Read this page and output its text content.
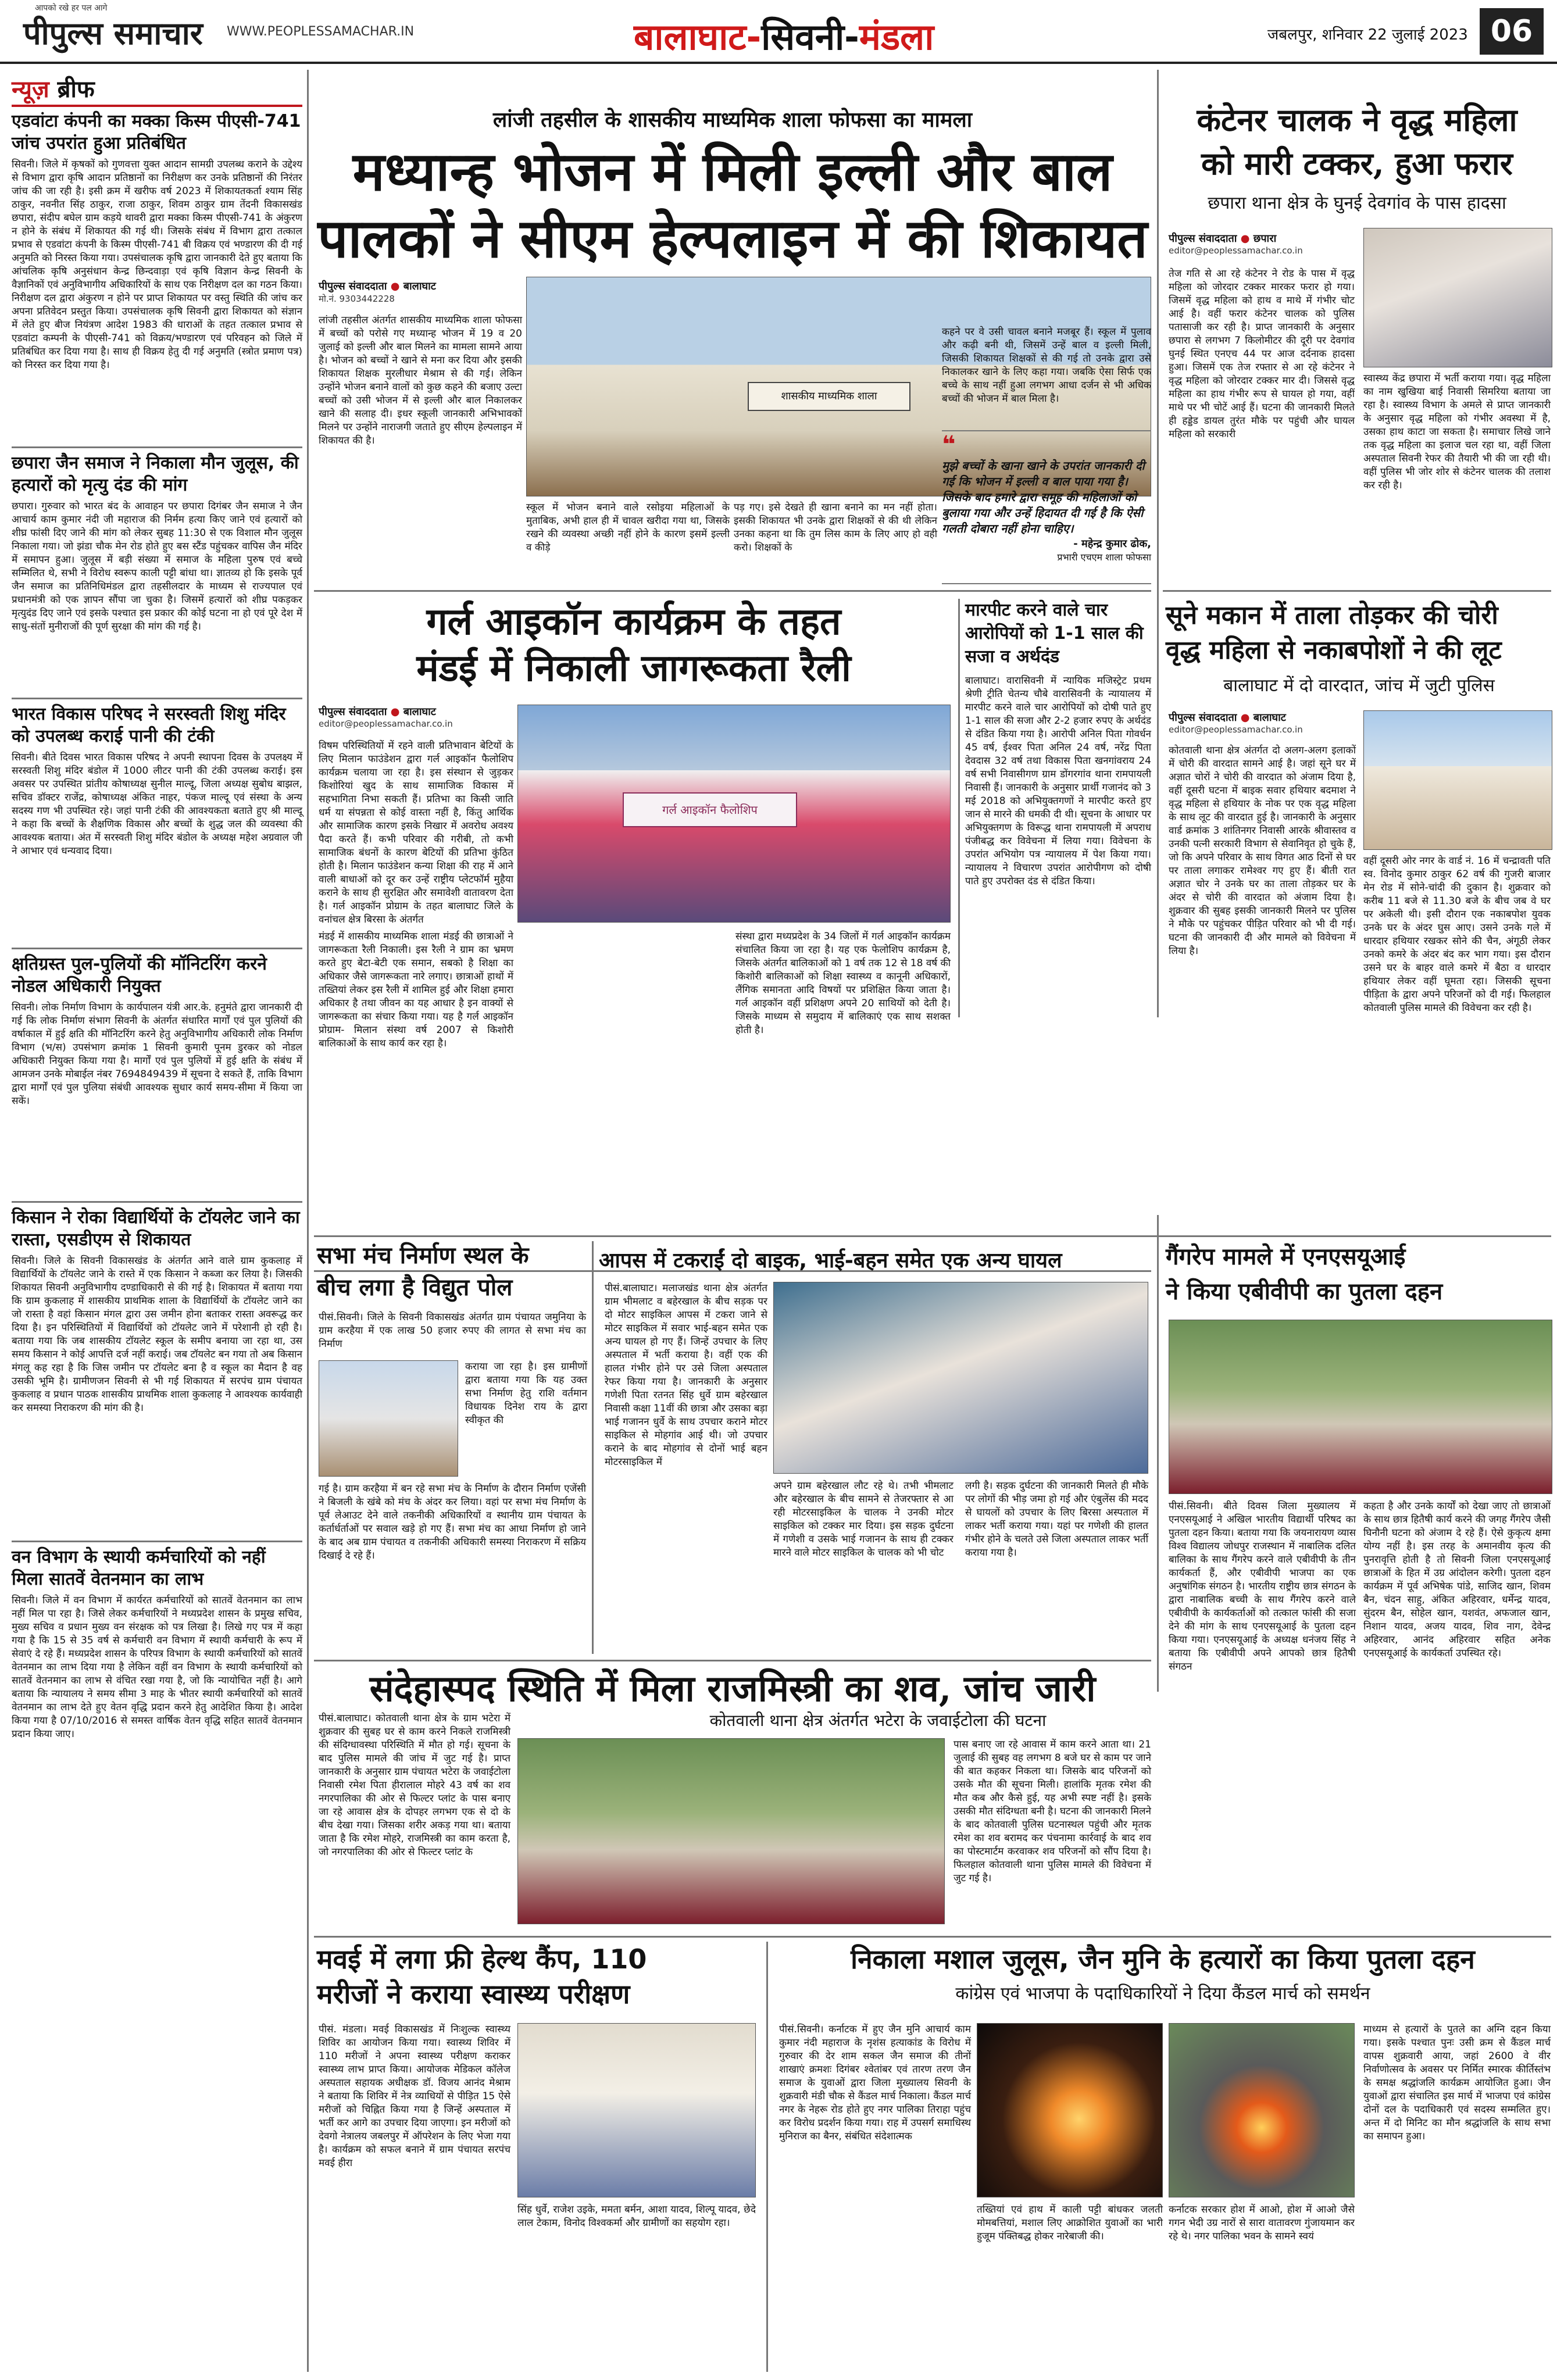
आपको रखे हर पल आगे
पीपुल्स समाचार WWW.PEOPLESSAMACHAR.IN	बालाघाट-सिवनी-मंडला	जबलपुर, शनिवार 22 जुलाई 2023 06
न्यूज़ ब्रीफ
एडवांटा कंपनी का मक्का किस्म पीएसी-741 जांच उपरांत हुआ प्रतिबंधित

सिवनी। जिले में कृषकों को गुणवत्ता युक्त आदान सामग्री उपलब्ध कराने के उद्देश्य से विभाग द्वारा कृषि आदान प्रतिष्ठानों का निरीक्षण कर उनके प्रतिष्ठानों की निरंतर जांच की जा रही है। इसी क्रम में खरीफ वर्ष 2023 में शिकायतकर्ता श्याम सिंह ठाकुर, नवनीत सिंह ठाकुर, राजा ठाकुर, शिवम ठाकुर ग्राम तेंदनी विकासखंड छपारा, संदीप बघेल ग्राम कड़ये थावरी द्वारा मक्का किस्म पीएसी-741 के अंकुरण न होने के संबंध में शिकायत की गई थी। जिसके संबंध में विभाग द्वारा तत्काल प्रभाव से एडवांटा कंपनी के किस्म पीएसी-741 बी विक्रय एवं भण्डारण की दी गई अनुमति को निरस्त किया गया। उपसंचालक कृषि द्वारा जानकारी देते हुए बताया कि आंचलिक कृषि अनुसंधान केन्द्र छिन्दवाड़ा एवं कृषि विज्ञान केन्द्र सिवनी के वैज्ञानिकों एवं अनुविभागीय अधिकारियों के साथ एक निरीक्षण दल का गठन किया। निरीक्षण दल द्वारा अंकुरण न होने पर प्राप्त शिकायत पर वस्तु स्थिति की जांच कर अपना प्रतिवेदन प्रस्तुत किया। उपसंचालक कृषि सिवनी द्वारा शिकायत को संज्ञान में लेते हुए बीज नियंत्रण आदेश 1983 की धाराओं के तहत तत्काल प्रभाव से एडवांटा कम्पनी के पीएसी-741 को विक्रय/भण्डारण एवं परिवहन को जिले में प्रतिबंधित कर दिया गया है। साथ ही विक्रय हेतु दी गई अनुमति (स्त्रोत प्रमाण पत्र) को निरस्त कर दिया गया है।

छपारा जैन समाज ने निकाला मौन जुलूस, की हत्यारों को मृत्यु दंड की मांग

छपारा। गुरुवार को भारत बंद के आवाहन पर छपारा दिगंबर जैन समाज ने जैन आचार्य काम कुमार नंदी जी महाराज की निर्मम हत्या किए जाने एवं हत्यारों को शीघ्र फांसी दिए जाने की मांग को लेकर सुबह 11:30 से एक विशाल मौन जुलूस निकाला गया। जो झंडा चौक मेन रोड होते हुए बस स्टैंड पहुंचकर वापिस जैन मंदिर में समापन हुआ। जुलूस में बड़ी संख्या में समाज के महिला पुरुष एवं बच्चे सम्मिलित थे, सभी ने विरोध स्वरूप काली पट्टी बांधा था। ज्ञातव्य हो कि इसके पूर्व जैन समाज का प्रतिनिधिमंडल द्वारा तहसीलदार के माध्यम से राज्यपाल एवं प्रधानमंत्री को एक ज्ञापन सौंपा जा चुका है। जिसमें हत्यारों को शीघ्र पकड़कर मृत्युदंड दिए जाने एवं इसके पश्चात इस प्रकार की कोई घटना ना हो एवं पूरे देश में साधु-संतों मुनीराजों की पूर्ण सुरक्षा की मांग की गई है।

भारत विकास परिषद ने सरस्वती शिशु मंदिर को उपलब्ध कराई पानी की टंकी

सिवनी। बीते दिवस भारत विकास परिषद ने अपनी स्थापना दिवस के उपलक्ष्य में सरस्वती शिशु मंदिर बंडोल में 1000 लीटर पानी की टंकी उपलब्ध कराई। इस अवसर पर उपस्थित प्रांतीय कोषाध्यक्ष सुनील माल्दू, जिला अध्यक्ष सुबोध बाझल, सचिव डॉक्टर राजेंद्र, कोषाध्यक्ष अंकित नाहर, पंकज माल्दू एवं संस्था के अन्य सदस्य गण भी उपस्थित रहे। जहां पानी टंकी की आवश्यकता बताते हुए श्री माल्दू ने कहा कि बच्चों के शैक्षणिक विकास और बच्चों के शुद्ध जल की व्यवस्था की आवश्यक बताया। अंत में सरस्वती शिशु मंदिर बंडोल के अध्यक्ष महेश अग्रवाल जी ने आभार एवं धन्यवाद दिया।

क्षतिग्रस्त पुल-पुलियों की मॉनिटरिंग करने नोडल अधिकारी नियुक्त

सिवनी। लोक निर्माण विभाग के कार्यपालन यंत्री आर.के. हनुमंते द्वारा जानकारी दी गई कि लोक निर्माण संभाग सिवनी के अंतर्गत संधारित मार्गों एवं पुल पुलियों की वर्षाकाल में हुई क्षति की मॉनिटरिंग करने हेतु अनुविभागीय अधिकारी लोक निर्माण विभाग (भ/स) उपसंभाग क्रमांक 1 सिवनी कुमारी पूनम डुरकर को नोडल अधिकारी नियुक्त किया गया है। मार्गों एवं पुल पुलियों में हुई क्षति के संबंध में आमजन उनके मोबाईल नंबर 7694849439 में सूचना दे सकते हैं, ताकि विभाग द्वारा मार्गों एवं पुल पुलिया संबंधी आवश्यक सुधार कार्य समय-सीमा में किया जा सकें।

किसान ने रोका विद्यार्थियों के टॉयलेट जाने का रास्ता, एसडीएम से शिकायत

सिवनी। जिले के सिवनी विकासखंड के अंतर्गत आने वाले ग्राम कुकलाह में विद्यार्थियों के टॉयलेट जाने के रास्ते में एक किसान ने कब्जा कर लिया है। जिसकी शिकायत सिवनी अनुविभागीय दण्डाधिकारी से की गई है। शिकायत में बताया गया कि ग्राम कुकलाह में शासकीय प्राथमिक शाला के विद्यार्थियों के टॉयलेट जाने का जो रास्ता है वहां किसान मंगल द्वारा उस जमीन होना बताकर रास्ता अवरूद्ध कर दिया है। इन परिस्थितियों में विद्यार्थियों को टॉयलेट जाने में परेशानी हो रही है। बताया गया कि जब शासकीय टॉयलेट स्कूल के समीप बनाया जा रहा था, उस समय किसान ने कोई आपत्ति दर्ज नहीं कराई। जब टॉयलेट बन गया तो अब किसान मंगलू कह रहा है कि जिस जमीन पर टॉयलेट बना है व स्कूल का मैदान है वह उसकी भूमि है। ग्रामीणजन सिवनी से भी गई शिकायत में सरपंच ग्राम पंचायत कुकलाह व प्रधान पाठक शासकीय प्राथमिक शाला कुकलाह ने आवश्यक कार्यवाही कर समस्या निराकरण की मांग की है।

वन विभाग के स्थायी कर्मचारियों को नहीं मिला सातवें वेतनमान का लाभ

सिवनी। जिले में वन विभाग में कार्यरत कर्मचारियों को सातवें वेतनमान का लाभ नहीं मिल पा रहा है। जिसे लेकर कर्मचारियों ने मध्यप्रदेश शासन के प्रमुख सचिव, मुख्य सचिव व प्रधान मुख्य वन संरक्षक को पत्र लिखा है। लिखे गए पत्र में कहा गया है कि 15 से 35 वर्ष से कर्मचारी वन विभाग में स्थायी कर्मचारी के रूप में सेवाएं दे रहे हैं। मध्यप्रदेश शासन के परिपत्र विभाग के स्थायी कर्मचारियों को सातवें वेतनमान का लाभ दिया गया है लेकिन वहीं वन विभाग के स्थायी कर्मचारियों को सातवें वेतनमान का लाभ से वंचित रखा गया है, जो कि न्यायोचित नहीं है। आगे बताया कि न्यायालय ने समय सीमा 3 माह के भीतर स्थायी कर्मचारियों को सातवें वेतनमान का लाभ देते हुए वेतन वृद्धि प्रदान करने हेतु आदेशित किया है। आदेश किया गया है 07/10/2016 से समस्त वार्षिक वेतन वृद्धि सहित सातवें वेतनमान प्रदान किया जाए।

लांजी तहसील के शासकीय माध्यमिक शाला फोफसा का मामला
मध्यान्ह भोजन में मिली इल्ली और बाल
पालकों ने सीएम हेल्पलाइन में की शिकायत
पीपुल्स संवाददाता ● बालाघाट
मो.नं. 9303442228
शासकीय माध्यमिक शाला

लांजी तहसील अंतर्गत शासकीय माध्यमिक शाला फोफसा में बच्चों को परोसे गए मध्यान्ह भोजन में 19 व 20 जुलाई को इल्ली और बाल मिलने का मामला सामने आया है। भोजन को बच्चों ने खाने से मना कर दिया और इसकी शिकायत शिक्षक मुरलीधार मेश्राम से की गई। लेकिन उन्होंने भोजन बनाने वालों को कुछ कहने की बजाए उल्टा बच्चों को उसी भोजन में से इल्ली और बाल निकालकर खाने की सलाह दी। इधर स्कूली जानकारी अभिभावकों मिलने पर उन्होंने नाराजगी जताते हुए सीएम हेल्पलाइन में शिकायत की है।

स्कूल में भोजन बनाने वाले रसोइया महिलाओं के मुताबिक, अभी हाल ही में चावल खरीदा गया था, जिसके रखने की व्यवस्था अच्छी नहीं होने के कारण इसमें इल्ली व कीड़े

पड़ गए। इसे देखते ही खाना बनाने का मन नहीं होता। इसकी शिकायत भी उनके द्वारा शिक्षकों से की थी लेकिन उनका कहना था कि तुम लिस काम के लिए आए हो वही करो। शिक्षकों के

कहने पर वे उसी चावल बनाने मजबूर हैं। स्कूल में पुलाव और कढ़ी बनी थी, जिसमें उन्हें बाल व इल्ली मिली, जिसकी शिकायत शिक्षकों से की गई तो उनके द्वारा उसे निकालकर खाने के लिए कहा गया। जबकि ऐसा सिर्फ एक बच्चे के साथ नहीं हुआ लगभग आधा दर्जन से भी अधिक बच्चों की भोजन में बाल मिला है।

❝

मुझे बच्चों के खाना खाने के उपरांत जानकारी दी गई कि भोजन में इल्ली व बाल पाया गया है। जिसके बाद हमारे द्वारा समूह की महिलाओं को बुलाया गया और उन्हें हिदायत दी गई है कि ऐसी गलती दोबारा नहीं होना चाहिए।

- महेन्द्र कुमार ढोक,
प्रभारी एचएम शाला फोफसा
कंटेनर चालक ने वृद्ध महिला
को मारी टक्कर, हुआ फरार
छपारा थाना क्षेत्र के घुनई देवगांव के पास हादसा
पीपुल्स संवाददाता ● छपारा
editor@peoplessamachar.co.in

तेज गति से आ रहे कंटेनर ने रोड के पास में वृद्ध महिला को जोरदार टक्कर मारकर फरार हो गया। जिसमें वृद्ध महिला को हाथ व माथे में गंभीर चोट आई है। वहीं फरार कंटेनर चालक को पुलिस पतासाजी कर रही है। प्राप्त जानकारी के अनुसार छपारा से लगभग 7 किलोमीटर की दूरी पर देवगांव घुनई स्थित एनएच 44 पर आज दर्दनाक हादसा हुआ। जिसमें एक तेज रफ्तार से आ रहे कंटेनर ने वृद्ध महिला को जोरदार टक्कर मार दी। जिससे वृद्ध महिला का हाथ गंभीर रूप से घायल हो गया, वहीं माथे पर भी चोटें आई हैं। घटना की जानकारी मिलते ही हड्डेड डायल तुरंत मौके पर पहुंची और घायल महिला को सरकारी

स्वास्थ्य केंद्र छपारा में भर्ती कराया गया। वृद्ध महिला का नाम खुखिया बाई निवासी सिमरिया बताया जा रहा है। स्वास्थ्य विभाग के अमले से प्राप्त जानकारी के अनुसार वृद्ध महिला को गंभीर अवस्था में है, उसका हाथ काटा जा सकता है। समाचार लिखे जाने तक वृद्ध महिला का इलाज चल रहा था, वहीं जिला अस्पताल सिवनी रेफर की तैयारी भी की जा रही थी। वहीं पुलिस भी जोर शोर से कंटेनर चालक की तलाश कर रही है।

गर्ल आइकॉन कार्यक्रम के तहत
मंडई में निकाली जागरूकता रैली
पीपुल्स संवाददाता ● बालाघाट
editor@peoplessamachar.co.in
गर्ल आइकॉन फैलोशिप

मंडई में शासकीय माध्यमिक शाला मंडई की छात्राओं ने जागरूकता रैली निकाली। इस रैली ने ग्राम का भ्रमण करते हुए बेटा-बेटी एक समान, सबको है शिक्षा का अधिकार जैसे जागरूकता नारे लगाए। छात्राओं हाथों में तख्तियां लेकर इस रैली में शामिल हुई और शिक्षा हमारा अधिकार है तथा जीवन का यह आधार है इन वाक्यों से जागरूकता का संचार किया गया। यह है गर्ल आइकॉन प्रोग्राम- मिलान संस्था वर्ष 2007 से किशोरी बालिकाओं के साथ कार्य कर रहा है।

विषम परिस्थितियों में रहने वाली प्रतिभावान बेटियों के लिए मिलान फाउंडेशन द्वारा गर्ल आइकॉन फैलोशिप कार्यक्रम चलाया जा रहा है। इस संस्थान से जुड़कर किशोरियां खुद के साथ सामाजिक विकास में सहभागिता निभा सकती हैं। प्रतिभा का किसी जाति धर्म या संपन्नता से कोई वास्ता नहीं है, किंतु आर्थिक और सामाजिक कारण इसके निखार में अवरोध अवश्य पैदा करते हैं। कभी परिवार की गरीबी, तो कभी सामाजिक बंधनों के कारण बेटियों की प्रतिभा कुंठित होती है। मिलान फाउंडेशन कन्या शिक्षा की राह में आने वाली बाधाओं को दूर कर उन्हें राष्ट्रीय प्लेटफॉर्म मुहैया कराने के साथ ही सुरक्षित और समावेशी वातावरण देता है। गर्ल आइकॉन प्रोग्राम के तहत बालाघाट जिले के वनांचल क्षेत्र बिरसा के अंतर्गत

संस्था द्वारा मध्यप्रदेश के 34 जिलों में गर्ल आइकॉन कार्यक्रम संचालित किया जा रहा है। यह एक फेलोशिप कार्यक्रम है, जिसके अंतर्गत बालिकाओं को 1 वर्ष तक 12 से 18 वर्ष की किशोरी बालिकाओं को शिक्षा स्वास्थ्य व कानूनी अधिकारों, लैंगिक समानता आदि विषयों पर प्रशिक्षित किया जाता है। गर्ल आइकॉन वहीं प्रशिक्षण अपने 20 साथियों को देती है। जिसके माध्यम से समुदाय में बालिकाएं एक साथ सशक्त होती है।

मारपीट करने वाले चार आरोपियों को 1-1 साल की सजा व अर्थदंड

बालाघाट। वारासिवनी में न्यायिक मजिस्ट्रेट प्रथम श्रेणी ट्रीति चेतन्य चौबे वारासिवनी के न्यायालय में मारपीट करने वाले चार आरोपियों को दोषी पाते हुए 1-1 साल की सजा और 2-2 हजार रुपए के अर्थदंड से दंडित किया गया है। आरोपी अनिल पिता गोवर्धन 45 वर्ष, ईश्वर पिता अनिल 24 वर्ष, नरेंद्र पिता देवदास 32 वर्ष तथा विकास पिता खनगांवराय 24 वर्ष सभी निवासीगण ग्राम डोंगरगांव थाना रामपायली निवासी हैं। जानकारी के अनुसार प्रार्थी गजानंद को 3 मई 2018 को अभियुक्तगणों ने मारपीट करते हुए जान से मारने की धमकी दी थी। सूचना के आधार पर अभियुक्तगण के विरूद्ध थाना रामपायली में अपराध पंजीबद्ध कर विवेचना में लिया गया। विवेचना के उपरांत अभियोग पत्र न्यायालय में पेश किया गया। न्यायालय ने विचारण उपरांत आरोपीगण को दोषी पाते हुए उपरोक्त दंड से दंडित किया।

सूने मकान में ताला तोड़कर की चोरी
वृद्ध महिला से नकाबपोशों ने की लूट
बालाघाट में दो वारदात, जांच में जुटी पुलिस
पीपुल्स संवाददाता ● बालाघाट
editor@peoplessamachar.co.in

कोतवाली थाना क्षेत्र अंतर्गत दो अलग-अलग इलाकों में चोरी की वारदात सामने आई है। जहां सूने घर में अज्ञात चोरों ने चोरी की वारदात को अंजाम दिया है, वहीं दूसरी घटना में बाइक सवार हथियार बदमाश ने वृद्ध महिला से हथियार के नोक पर एक वृद्ध महिला के साथ लूट की वारदात हुई है। जानकारी के अनुसार वार्ड क्रमांक 3 शांतिनगर निवासी आरके श्रीवास्तव व उनकी पत्नी सरकारी विभाग से सेवानिवृत हो चुके हैं, जो कि अपने परिवार के साथ विगत आठ दिनों से घर पर ताला लगाकर रामेश्वर गए हुए हैं। बीती रात अज्ञात चोर ने उनके घर का ताला तोड़कर घर के अंदर से चोरी की वारदात को अंजाम दिया है। शुक्रवार की सुबह इसकी जानकारी मिलने पर पुलिस ने मौके पर पहुंचकर पीड़ित परिवार को भी दी गई। घटना की जानकारी दी और मामले को विवेचना में लिया है।

वहीं दूसरी ओर नगर के वार्ड नं. 16 में चन्द्रावती पति स्व. विनोद कुमार ठाकुर 62 वर्ष की गुजरी बाजार मेन रोड में सोने-चांदी की दुकान है। शुक्रवार को करीब 11 बजे से 11.30 बजे के बीच जब वे घर पर अकेली थी। इसी दौरान एक नकाबपोश युवक उनके घर के अंदर घुस आए। उसने उनके गले में धारदार हथियार रखकर सोने की चैन, अंगूठी लेकर उनको कमरे के अंदर बंद कर भाग गया। इस दौरान उसने घर के बाहर वाले कमरे में बैठा व धारदार हथियार लेकर वहीं घूमता रहा। जिसकी सूचना पीड़िता के द्वारा अपने परिजनों को दी गई। फिलहाल कोतवाली पुलिस मामले की विवेचना कर रही है।

सभा मंच निर्माण स्थल के
बीच लगा है विद्युत पोल

पीसं.सिवनी। जिले के सिवनी विकासखंड अंतर्गत ग्राम पंचायत जमुनिया के ग्राम करहैया में एक लाख 50 हजार रुपए की लागत से सभा मंच का निर्माण

कराया जा रहा है। इस ग्रामीणों द्वारा बताया गया कि यह उक्त सभा निर्माण हेतु राशि वर्तमान विधायक दिनेश राय के द्वारा स्वीकृत की

गई है। ग्राम करहैया में बन रहे सभा मंच के निर्माण के दौरान निर्माण एजेंसी ने बिजली के खंबे को मंच के अंदर कर लिया। वहां पर सभा मंच निर्माण के पूर्व लेआउट देने वाले तकनीकी अधिकारियों व स्थानीय ग्राम पंचायत के कर्तार्धर्ताओं पर सवाल खड़े हो गए हैं। सभा मंच का आधा निर्माण हो जाने के बाद अब ग्राम पंचायत व तकनीकी अधिकारी समस्या निराकरण में सक्रिय दिखाई दे रहे हैं।

आपस में टकराईं दो बाइक, भाई-बहन समेत एक अन्य घायल

पीसं.बालाघाट। मलाजखंड थाना क्षेत्र अंतर्गत ग्राम भीमलाट व बहेरखाल के बीच सड़क पर दो मोटर साइकिल आपस में टकरा जाने से मोटर साइकिल में सवार भाई-बहन समेत एक अन्य घायल हो गए हैं। जिन्हें उपचार के लिए अस्पताल में भर्ती कराया है। वहीं एक की हालत गंभीर होने पर उसे जिला अस्पताल रेफर किया गया है। जानकारी के अनुसार गणेशी पिता रतनत सिंह धुर्वे ग्राम बहेरखाल निवासी कक्षा 11वीं की छात्रा और उसका बड़ा भाई गजानन धुर्वे के साथ उपचार कराने मोटर साइकिल से मोहगांव आई थी। जो उपचार कराने के बाद मोहगांव से दोनों भाई बहन मोटरसाइकिल में

अपने ग्राम बहेरखाल लौट रहे थे। तभी भीमलाट और बहेरखाल के बीच सामने से तेजरफ्तार से आ रही मोटरसाइकिल के चालक ने उनकी मोटर साइकिल को टक्कर मार दिया। इस सड़क दुर्घटना में गणेशी व उसके भाई गजानन के साथ ही टक्कर मारने वाले मोटर साइकिल के चालक को भी चोट

लगी है। सड़क दुर्घटना की जानकारी मिलते ही मौके पर लोगों की भीड़ जमा हो गई और एंबुलेंस की मदद से घायलों को उपचार के लिए बिरसा अस्पताल में लाकर भर्ती कराया गया। यहां पर गणेशी की हालत गंभीर होने के चलते उसे जिला अस्पताल लाकर भर्ती कराया गया है।

गैंगरेप मामले में एनएसयूआई
ने किया एबीवीपी का पुतला दहन

पीसं.सिवनी। बीते दिवस जिला मुख्यालय में एनएसयूआई ने अखिल भारतीय विद्यार्थी परिषद का पुतला दहन किया। बताया गया कि जयनारायण व्यास विश्व विद्यालय जोधपुर राजस्थान में नाबालिक दलित बालिका के साथ गैंगरेप करने वाले एबीवीपी के तीन कार्यकर्ता हैं, और एबीवीपी भाजपा का एक अनुषांगिक संगठन है। भारतीय राष्ट्रीय छात्र संगठन के द्वारा नाबालिक बच्ची के साथ गैंगरेप करने वाले एबीवीपी के कार्यकर्ताओं को तत्काल फांसी की सजा देने की मांग के साथ एनएसयूआई के पुतला दहन किया गया। एनएसयूआई के अध्यक्ष धनंजय सिंह ने बताया कि एबीवीपी अपने आपको छात्र हितैषी संगठन

कहता है और उनके कार्यों को देखा जाए तो छात्राओं के साथ छात्र हितैषी कार्य करने की जगह गैंगरेप जैसी घिनौनी घटना को अंजाम दे रहे हैं। ऐसे कुकृत्य क्षमा योग्य नहीं है। इस तरह के अमानवीय कृत्य की पुनरावृत्ति होती है तो सिवनी जिला एनएसयूआई छात्राओं के हित में उग्र आंदोलन करेगी। पुतला दहन कार्यक्रम में पूर्व अभिषेक पांडे, साजिद खान, शिवम बैन, चंदन साहु, अंकित अहिरवार, धर्मेन्द्र यादव, सुंदरम बैन, सोहेल खान, यशवंत, अफजाल खान, निशान यादव, अजय यादव, शिव नाग, देवेन्द्र अहिरवार, आनंद अहिरवार सहित अनेक एनएसयूआई के कार्यकर्ता उपस्थित रहे।

संदेहास्पद स्थिति में मिला राजमिस्त्री का शव, जांच जारी
कोतवाली थाना क्षेत्र अंतर्गत भटेरा के जवाईटोला की घटना

पीसं.बालाघाट। कोतवाली थाना क्षेत्र के ग्राम भटेरा में शुक्रवार की सुबह घर से काम करने निकले राजमिस्त्री की संदिग्धावस्था परिस्थिति में मौत हो गई। सूचना के बाद पुलिस मामले की जांच में जुट गई है। प्राप्त जानकारी के अनुसार ग्राम पंचायत भटेरा के जवाईटोला निवासी रमेश पिता हीरालाल मोहरे 43 वर्ष का शव नगरपालिका की ओर से फिल्टर प्लांट के पास बनाए जा रहे आवास क्षेत्र के दोपहर लगभग एक से दो के बीच देखा गया। जिसका शरीर अकड़ गया था। बताया जाता है कि रमेश मोहरे, राजमिस्त्री का काम करता है, जो नगरपालिका की ओर से फिल्टर प्लांट के

पास बनाए जा रहे आवास में काम करने आता था। 21 जुलाई की सुबह वह लगभग 8 बजे घर से काम पर जाने की बात कहकर निकला था। जिसके बाद परिजनों को उसके मौत की सूचना मिली। हालांकि मृतक रमेश की मौत कब और कैसे हुई, यह अभी स्पष्ट नहीं है। इसके उसकी मौत संदिग्धता बनी है। घटना की जानकारी मिलने के बाद कोतवाली पुलिस घटनास्थल पहुंची और मृतक रमेश का शव बरामद कर पंचनामा कार्रवाई के बाद शव का पोस्टमार्टम करवाकर शव परिजनों को सौंप दिया है। फिलहाल कोतवाली थाना पुलिस मामले की विवेचना में जुट गई है।

मवई में लगा फ्री हेल्थ कैंप, 110
मरीजों ने कराया स्वास्थ्य परीक्षण

पीसं. मंडला। मवई विकासखंड में निःशुल्क स्वास्थ्य शिविर का आयोजन किया गया। स्वास्थ्य शिविर में 110 मरीजों ने अपना स्वास्थ्य परीक्षण कराकर स्वास्थ्य लाभ प्राप्त किया। आयोजक मेडिकल कॉलेज अस्पताल सहायक अधीक्षक डॉ. विजय आनंद मेश्राम ने बताया कि शिविर में नेत्र व्याधियों से पीड़ित 15 ऐसे मरीजों को चिह्नित किया गया है जिन्हें अस्पताल में भर्ती कर आगे का उपचार दिया जाएगा। इन मरीजों को देवगो नेत्रालय जबलपुर में ऑपरेशन के लिए भेजा गया है। कार्यक्रम को सफल बनाने में ग्राम पंचायत सरपंच मवई हीरा

सिंह धुर्वे, राजेश उइके, ममता बर्मन, आशा यादव, शिल्पू यादव, छेदे लाल टेकाम, विनोद विश्वकर्मा और ग्रामीणों का सहयोग रहा।

निकाला मशाल जुलूस, जैन मुनि के हत्यारों का किया पुतला दहन
कांग्रेस एवं भाजपा के पदाधिकारियों ने दिया कैंडल मार्च को समर्थन

पीसं.सिवनी। कर्नाटक में हुए जैन मुनि आचार्य काम कुमार नंदी महाराज के नृशंस हत्याकांड के विरोध में गुरुवार की देर शाम सकल जैन समाज की तीनों शाखाएं क्रमशः दिगंबर श्वेतांबर एवं तारण तरण जैन समाज के युवाओं द्वारा जिला मुख्यालय सिवनी के शुक्रवारी मंडी चौक से कैंडल मार्च निकाला। कैंडल मार्च नगर के नेहरू रोड होते हुए नगर पालिका तिराहा पहुंच कर विरोध प्रदर्शन किया गया। राह में उपसर्ग समाधिस्थ मुनिराज का बैनर, संबंधित संदेशात्मक

तख्तियां एवं हाथ में काली पट्टी बांधकर जलती मोमबत्तियां, मशाल लिए आक्रोशित युवाओं का भारी हुजूम पंक्तिबद्ध होकर नारेबाजी की।

कर्नाटक सरकार होश में आओ, होश में आओ जैसे गगन भेदी उग्र नारों से सारा वातावरण गुंजायमान कर रहे थे। नगर पालिका भवन के सामने स्वयं

माध्यम से हत्यारों के पुतले का अग्नि दहन किया गया। इसके पश्चात पुनः उसी क्रम से कैंडल मार्च वापस शुक्रवारी आया, जहां 2600 वे वीर निर्वाणोत्सव के अवसर पर निर्मित स्मारक कीर्तिस्तंभ के समक्ष श्रद्धांजलि कार्यक्रम आयोजित हुआ। जैन युवाओं द्वारा संचालित इस मार्च में भाजपा एवं कांग्रेस दोनों दल के पदाधिकारी एवं सदस्य सम्मलित हुए। अन्त में दो मिनिट का मौन श्रद्धांजलि के साथ सभा का समापन हुआ।
